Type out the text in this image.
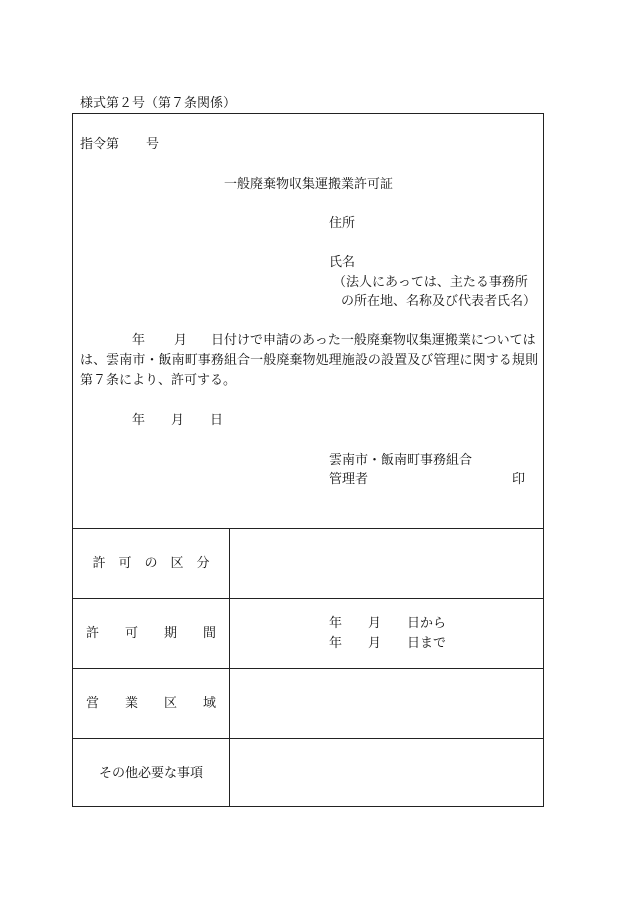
様式第２号（第７条関係）
指令第 号
一般廃棄物収集運搬業許可証
住所
氏名
（法人にあっては、主たる事務所
の所在地、名称及び代表者氏名）
年 月 日付けで申請のあった一般廃棄物収集運搬業については
は、雲南市・飯南町事務組合一般廃棄物処理施設の設置及び管理に関する規則
第７条により、許可する。
年 月 日
雲南市・飯南町事務組合
管理者	印
許　可　の　区　分
許　　可　　期　　間
年 月 日から
年 月 日まで
営　　業　　区　　域
その他必要な事項
